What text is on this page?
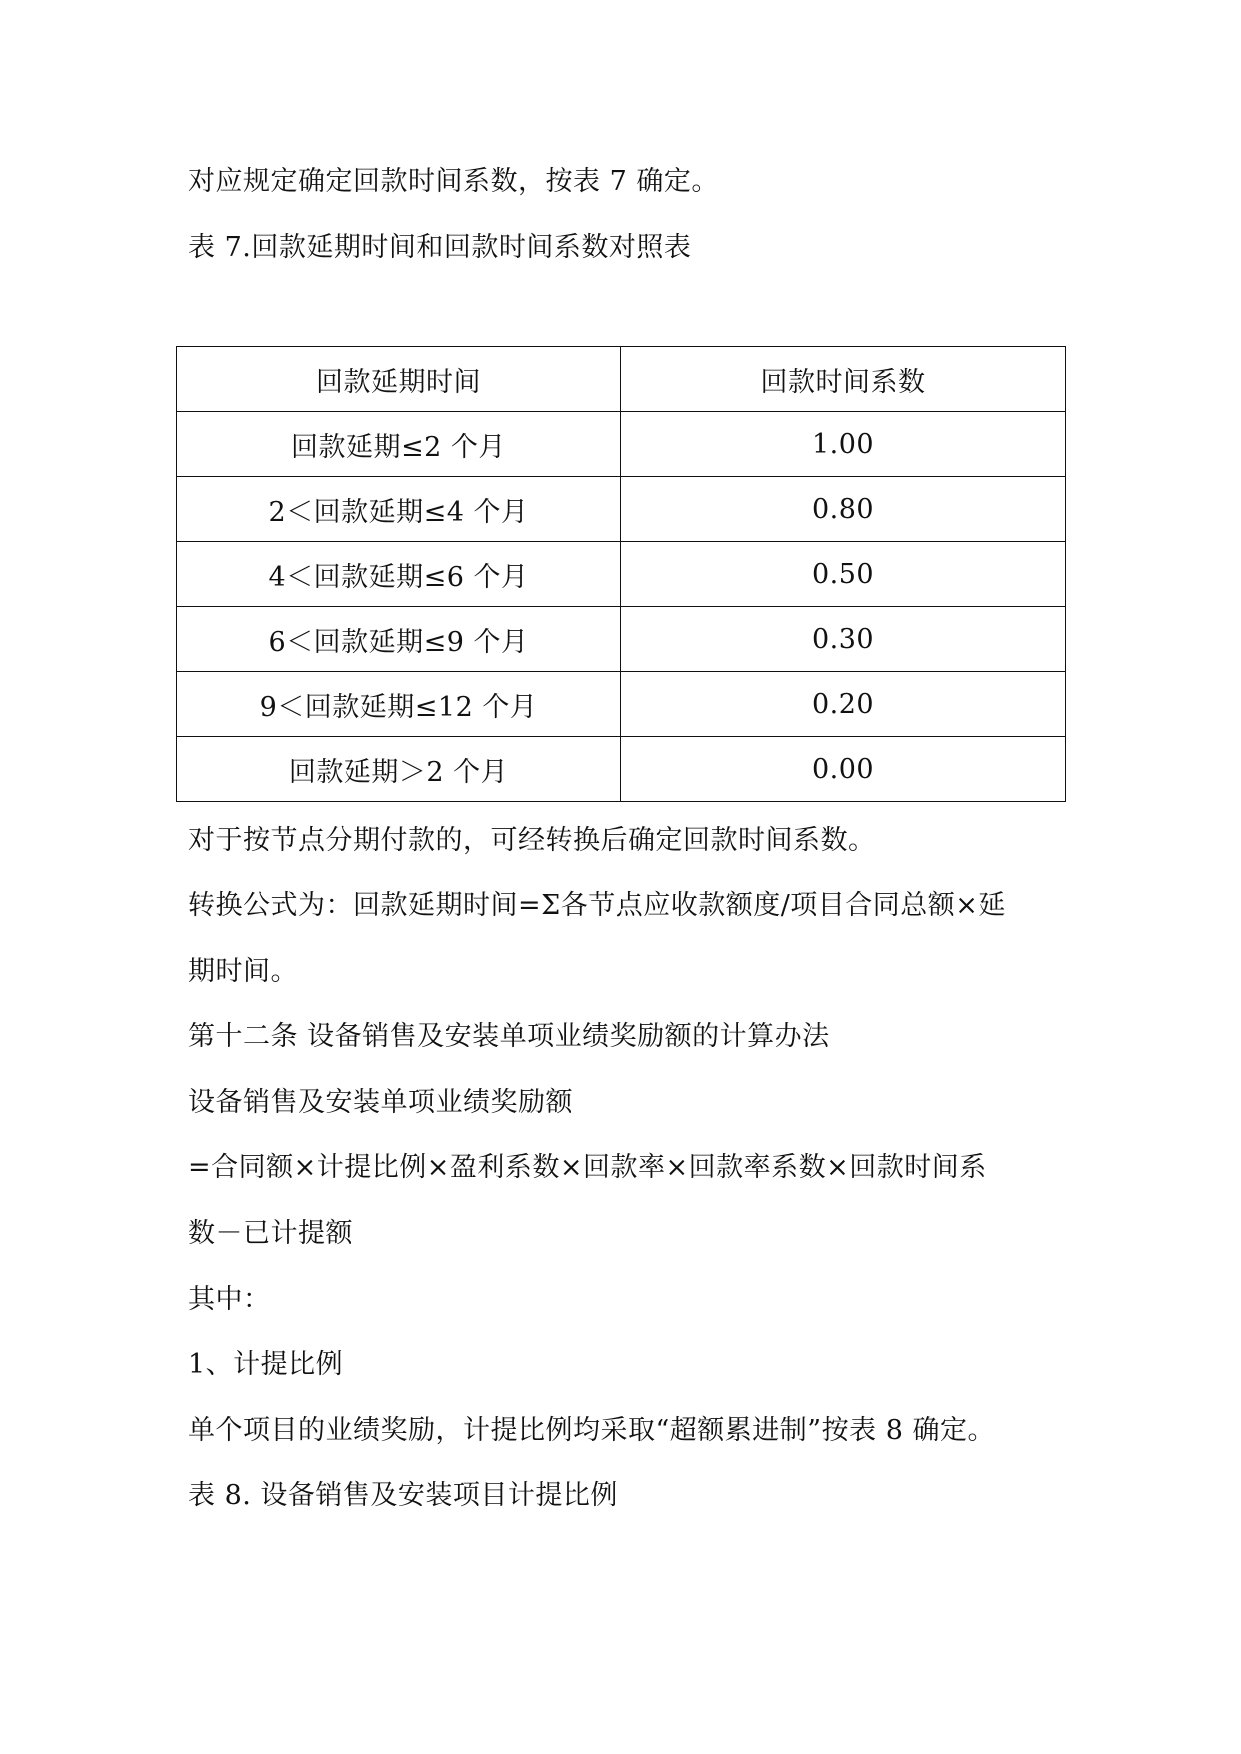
对应规定确定回款时间系数，按表 7 确定。
表 7.回款延期时间和回款时间系数对照表
回款延期时间	回款时间系数
回款延期≤2 个月	1.00
2＜回款延期≤4 个月	0.80
4＜回款延期≤6 个月	0.50
6＜回款延期≤9 个月	0.30
9＜回款延期≤12 个月	0.20
回款延期＞2 个月	0.00
对于按节点分期付款的，可经转换后确定回款时间系数。
转换公式为：回款延期时间=Σ各节点应收款额度/项目合同总额×延
期时间。
第十二条 设备销售及安装单项业绩奖励额的计算办法
设备销售及安装单项业绩奖励额
=合同额×计提比例×盈利系数×回款率×回款率系数×回款时间系
数－已计提额
其中：
1、计提比例
单个项目的业绩奖励，计提比例均采取“超额累进制”按表 8 确定。
表 8. 设备销售及安装项目计提比例
